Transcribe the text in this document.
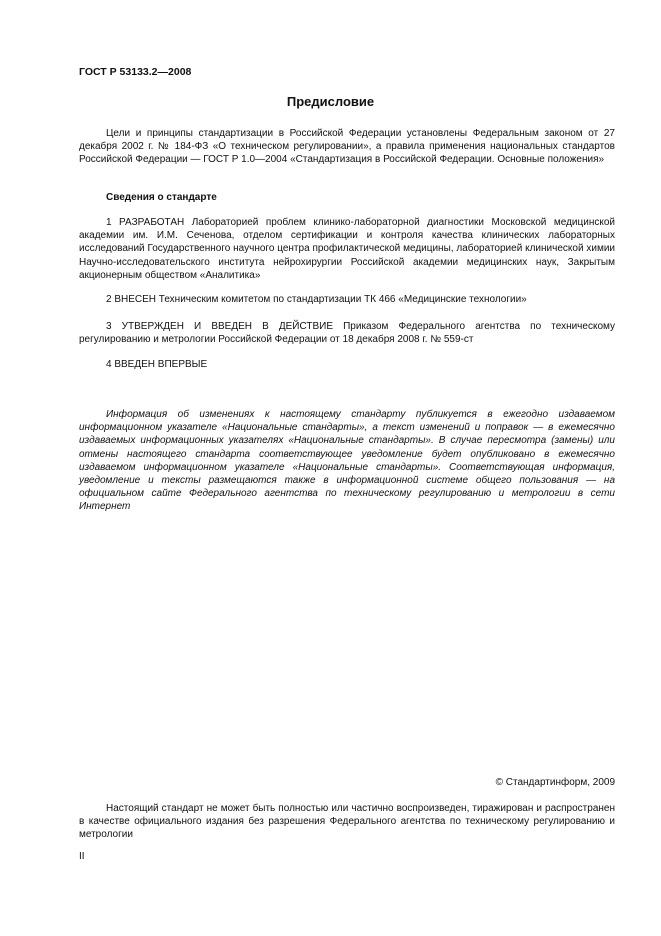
ГОСТ Р 53133.2—2008
Предисловие

Цели и принципы стандартизации в Российской Федерации установлены Федеральным законом от 27 декабря 2002 г. № 184-ФЗ «О техническом регулировании», а правила применения национальных стандартов Российской Федерации — ГОСТ Р 1.0—2004 «Стандартизация в Российской Федерации. Основные положения»

Сведения о стандарте

1 РАЗРАБОТАН Лабораторией проблем клинико-лабораторной диагностики Московской медицинской академии им. И.М. Сеченова, отделом сертификации и контроля качества клинических лабораторных исследований Государственного научного центра профилактической медицины, лабораторией клинической химии Научно-исследовательского института нейрохирургии Российской академии медицинских наук, Закрытым акционерным обществом «Аналитика»

2 ВНЕСЕН Техническим комитетом по стандартизации ТК 466 «Медицинские технологии»

3 УТВЕРЖДЕН И ВВЕДЕН В ДЕЙСТВИЕ Приказом Федерального агентства по техническому регулированию и метрологии Российской Федерации от 18 декабря 2008 г. № 559-ст

4 ВВЕДЕН ВПЕРВЫЕ

Информация об изменениях к настоящему стандарту публикуется в ежегодно издаваемом информационном указателе «Национальные стандарты», а текст изменений и поправок — в ежемесячно издаваемых информационных указателях «Национальные стандарты». В случае пересмотра (замены) или отмены настоящего стандарта соответствующее уведомление будет опубликовано в ежемесячно издаваемом информационном указателе «Национальные стандарты». Соответствующая информация, уведомление и тексты размещаются также в информационной системе общего пользования — на официальном сайте Федерального агентства по техническому регулированию и метрологии в сети Интернет

© Стандартинформ, 2009

Настоящий стандарт не может быть полностью или частично воспроизведен, тиражирован и распространен в качестве официального издания без разрешения Федерального агентства по техническому регулированию и метрологии

II
